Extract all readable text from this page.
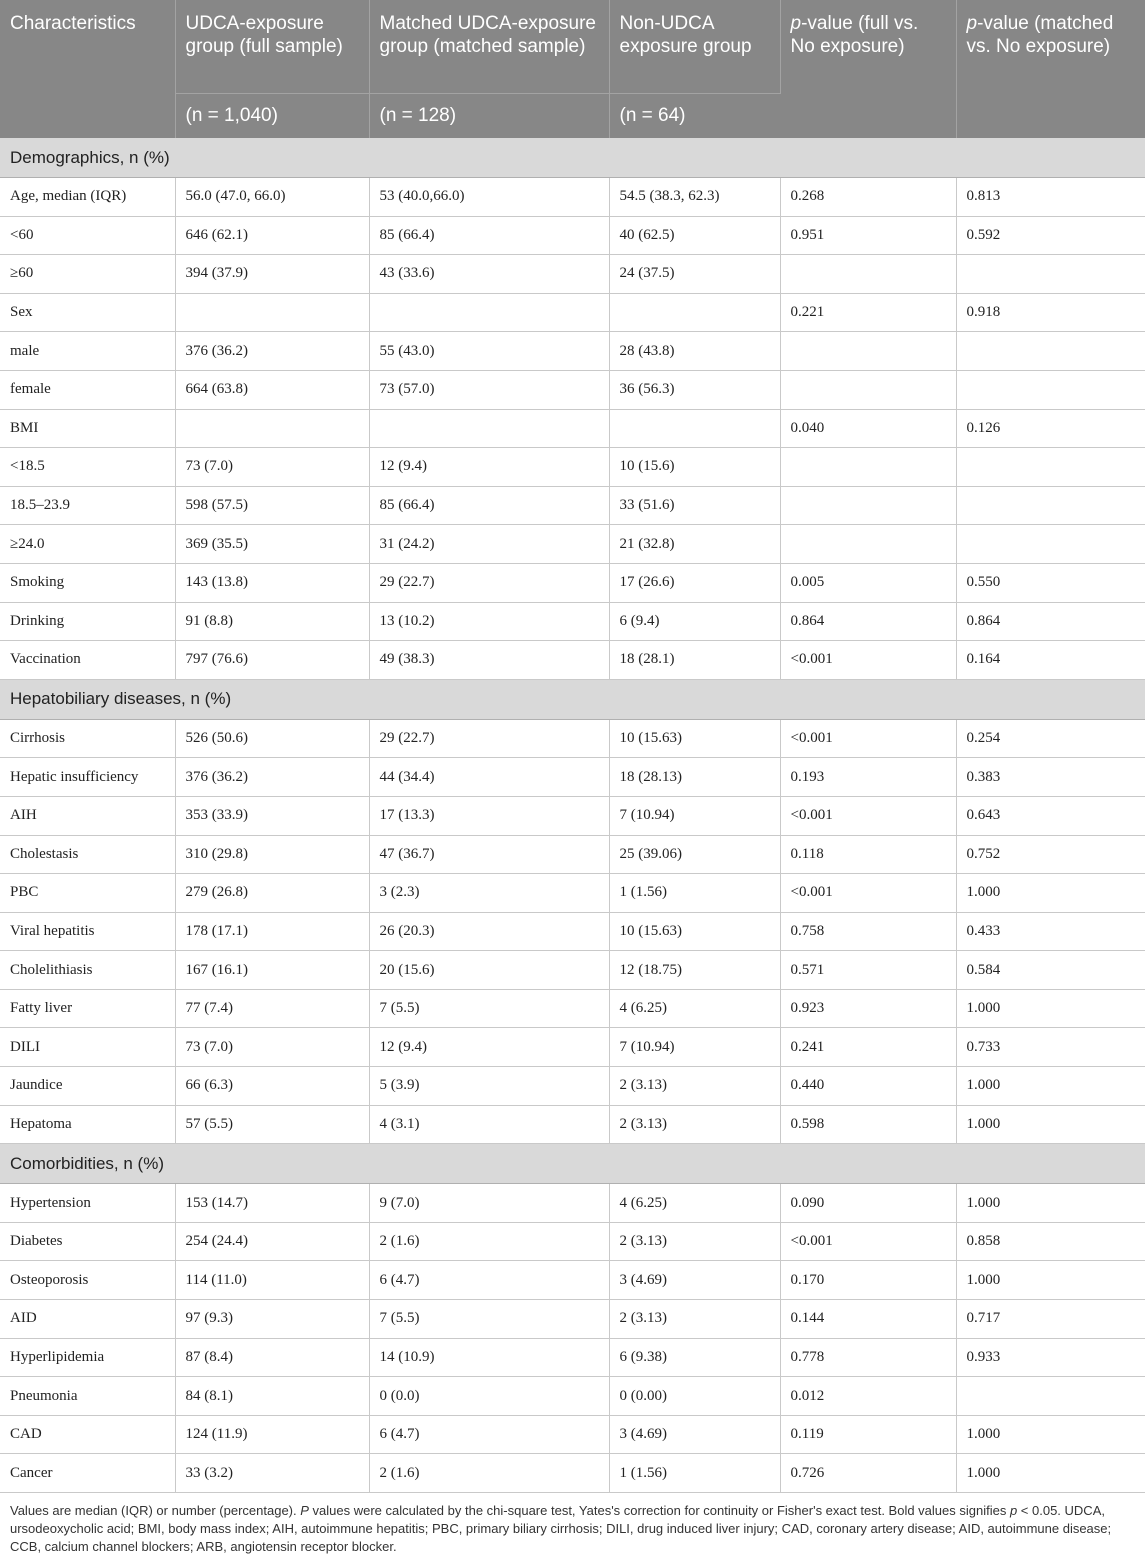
Characteristics	UDCA-exposure group (full sample)	Matched UDCA-exposure group (matched sample)	Non-UDCA exposure group	p-value (full vs. No exposure)	p-value (matched vs. No exposure)
	(n = 1,040)	(n = 128)	(n = 64)		
Demographics, n (%)					
Age, median (IQR)	56.0 (47.0, 66.0)	53 (40.0,66.0)	54.5 (38.3, 62.3)	0.268	0.813
<60	646 (62.1)	85 (66.4)	40 (62.5)	0.951	0.592
≥60	394 (37.9)	43 (33.6)	24 (37.5)		
Sex				0.221	0.918
male	376 (36.2)	55 (43.0)	28 (43.8)		
female	664 (63.8)	73 (57.0)	36 (56.3)		
BMI				0.040	0.126
<18.5	73 (7.0)	12 (9.4)	10 (15.6)		
18.5–23.9	598 (57.5)	85 (66.4)	33 (51.6)		
≥24.0	369 (35.5)	31 (24.2)	21 (32.8)		
Smoking	143 (13.8)	29 (22.7)	17 (26.6)	0.005	0.550
Drinking	91 (8.8)	13 (10.2)	6 (9.4)	0.864	0.864
Vaccination	797 (76.6)	49 (38.3)	18 (28.1)	<0.001	0.164
Hepatobiliary diseases, n (%)					
Cirrhosis	526 (50.6)	29 (22.7)	10 (15.63)	<0.001	0.254
Hepatic insufficiency	376 (36.2)	44 (34.4)	18 (28.13)	0.193	0.383
AIH	353 (33.9)	17 (13.3)	7 (10.94)	<0.001	0.643
Cholestasis	310 (29.8)	47 (36.7)	25 (39.06)	0.118	0.752
PBC	279 (26.8)	3 (2.3)	1 (1.56)	<0.001	1.000
Viral hepatitis	178 (17.1)	26 (20.3)	10 (15.63)	0.758	0.433
Cholelithiasis	167 (16.1)	20 (15.6)	12 (18.75)	0.571	0.584
Fatty liver	77 (7.4)	7 (5.5)	4 (6.25)	0.923	1.000
DILI	73 (7.0)	12 (9.4)	7 (10.94)	0.241	0.733
Jaundice	66 (6.3)	5 (3.9)	2 (3.13)	0.440	1.000
Hepatoma	57 (5.5)	4 (3.1)	2 (3.13)	0.598	1.000
Comorbidities, n (%)					
Hypertension	153 (14.7)	9 (7.0)	4 (6.25)	0.090	1.000
Diabetes	254 (24.4)	2 (1.6)	2 (3.13)	<0.001	0.858
Osteoporosis	114 (11.0)	6 (4.7)	3 (4.69)	0.170	1.000
AID	97 (9.3)	7 (5.5)	2 (3.13)	0.144	0.717
Hyperlipidemia	87 (8.4)	14 (10.9)	6 (9.38)	0.778	0.933
Pneumonia	84 (8.1)	0 (0.0)	0 (0.00)	0.012	
CAD	124 (11.9)	6 (4.7)	3 (4.69)	0.119	1.000
Cancer	33 (3.2)	2 (1.6)	1 (1.56)	0.726	1.000
Values are median (IQR) or number (percentage). P values were calculated by the chi-square test, Yates's correction for continuity or Fisher's exact test. Bold values signifies p < 0.05. UDCA, ursodeoxycholic acid; BMI, body mass index; AIH, autoimmune hepatitis; PBC, primary biliary cirrhosis; DILI, drug induced liver injury; CAD, coronary artery disease; AID, autoimmune disease; CCB, calcium channel blockers; ARB, angiotensin receptor blocker.
